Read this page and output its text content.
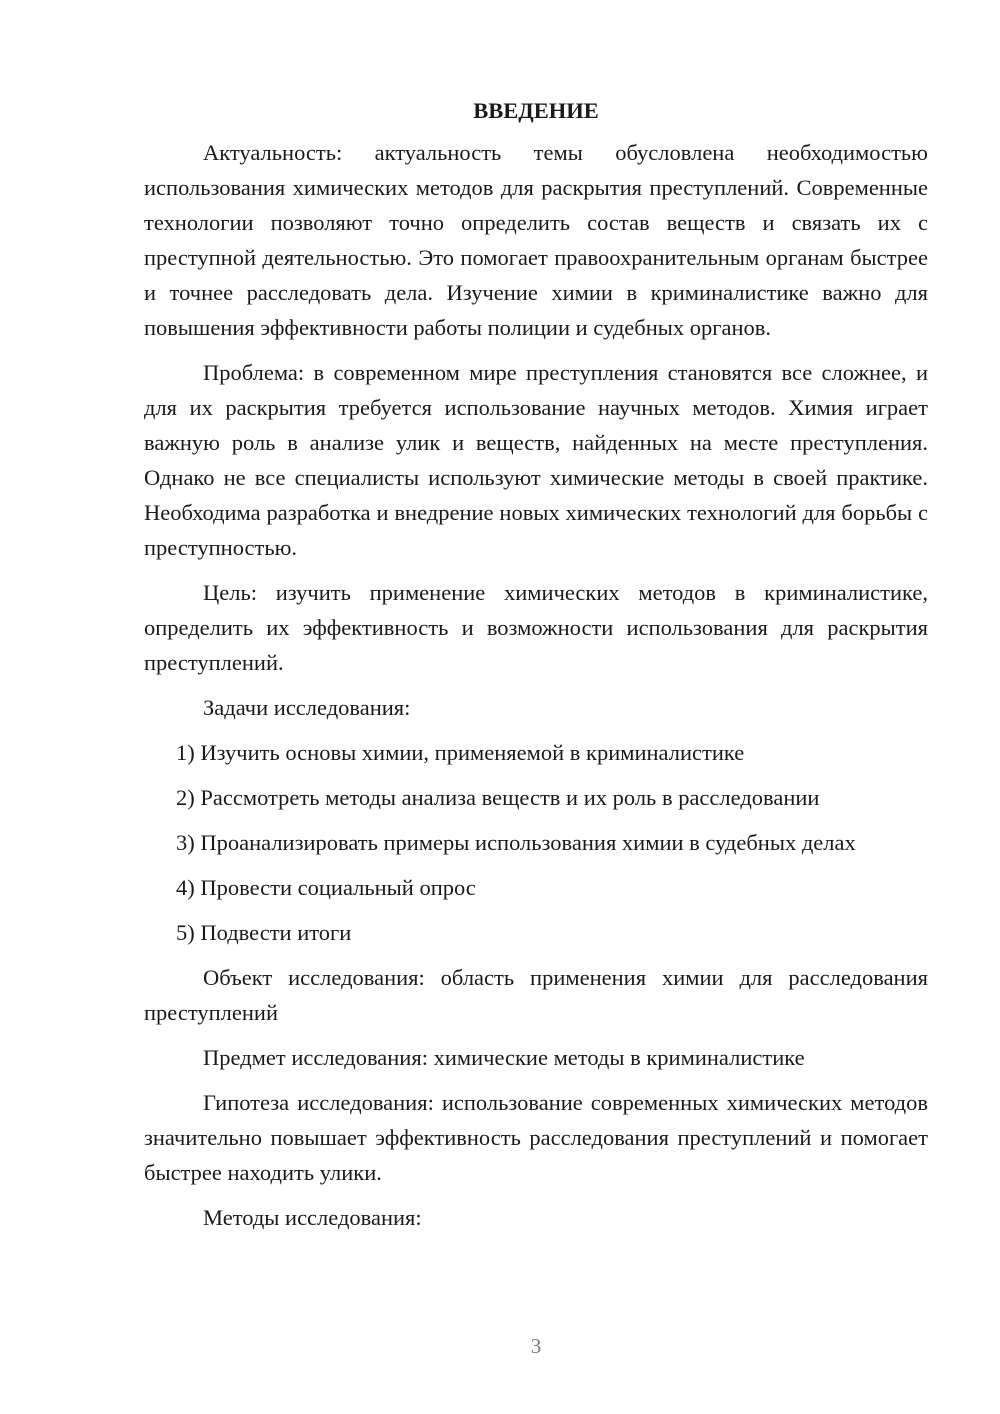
ВВЕДЕНИЕ

Актуальность: актуальность темы обусловлена необходимостью использования химических методов для раскрытия преступлений. Современные технологии позволяют точно определить состав веществ и связать их с преступной деятельностью. Это помогает правоохранительным органам быстрее и точнее расследовать дела. Изучение химии в криминалистике важно для повышения эффективности работы полиции и судебных органов.

Проблема: в современном мире преступления становятся все сложнее, и для их раскрытия требуется использование научных методов. Химия играет важную роль в анализе улик и веществ, найденных на месте преступления. Однако не все специалисты используют химические методы в своей практике. Необходима разработка и внедрение новых химических технологий для борьбы с преступностью.

Цель: изучить применение химических методов в криминалистике, определить их эффективность и возможности использования для раскрытия преступлений.

Задачи исследования:

1) Изучить основы химии, применяемой в криминалистике
2) Рассмотреть методы анализа веществ и их роль в расследовании
3) Проанализировать примеры использования химии в судебных делах
4) Провести социальный опрос
5) Подвести итоги

Объект исследования: область применения химии для расследования преступлений

Предмет исследования: химические методы в криминалистике

Гипотеза исследования: использование современных химических методов значительно повышает эффективность расследования преступлений и помогает быстрее находить улики.

Методы исследования:

3
